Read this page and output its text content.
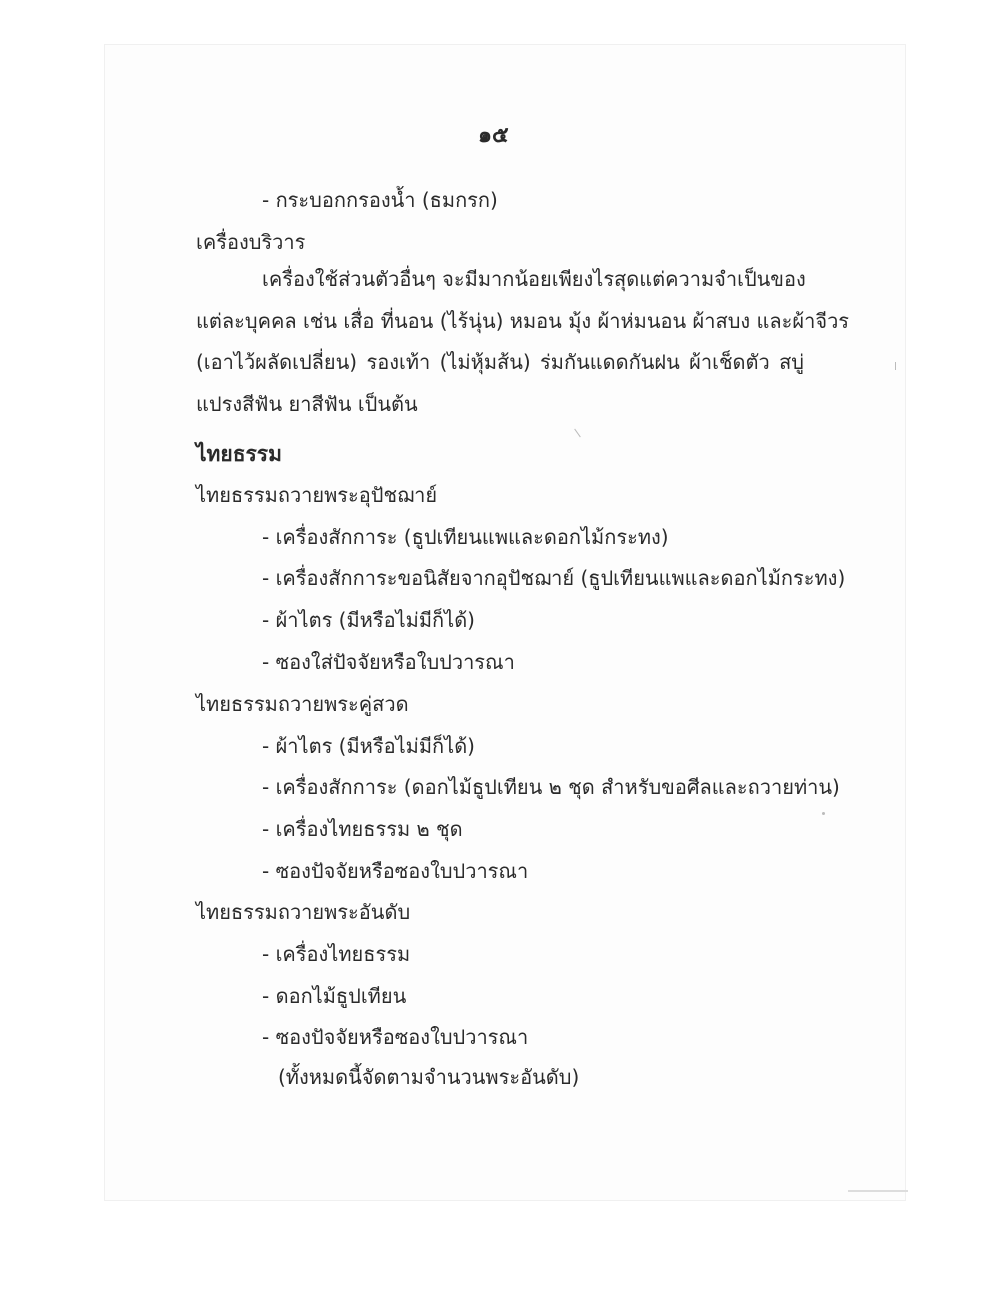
๑๕
- กระบอกกรองน้ำ (ธมกรก)
เครื่องบริวาร
เครื่องใช้ส่วนตัวอื่นๆ จะมีมากน้อยเพียงไรสุดแต่ความจำเป็นของ
แต่ละบุคคล เช่น เสื่อ ที่นอน (ไร้นุ่น) หมอน มุ้ง ผ้าห่มนอน ผ้าสบง และผ้าจีวร
(เอาไว้ผลัดเปลี่ยน) รองเท้า (ไม่หุ้มส้น) ร่มกันแดดกันฝน ผ้าเช็ดตัว สบู่
แปรงสีฟัน ยาสีฟัน เป็นต้น
ไทยธรรม
ไทยธรรมถวายพระอุปัชฌาย์
- เครื่องสักการะ (ธูปเทียนแพและดอกไม้กระทง)
- เครื่องสักการะขอนิสัยจากอุปัชฌาย์ (ธูปเทียนแพและดอกไม้กระทง)
- ผ้าไตร (มีหรือไม่มีก็ได้)
- ซองใส่ปัจจัยหรือใบปวารณา
ไทยธรรมถวายพระคู่สวด
- ผ้าไตร (มีหรือไม่มีก็ได้)
- เครื่องสักการะ (ดอกไม้ธูปเทียน ๒ ชุด สำหรับขอศีลและถวายท่าน)
- เครื่องไทยธรรม ๒ ชุด
- ซองปัจจัยหรือซองใบปวารณา
ไทยธรรมถวายพระอันดับ
- เครื่องไทยธรรม
- ดอกไม้ธูปเทียน
- ซองปัจจัยหรือซองใบปวารณา
(ทั้งหมดนี้จัดตามจำนวนพระอันดับ)
